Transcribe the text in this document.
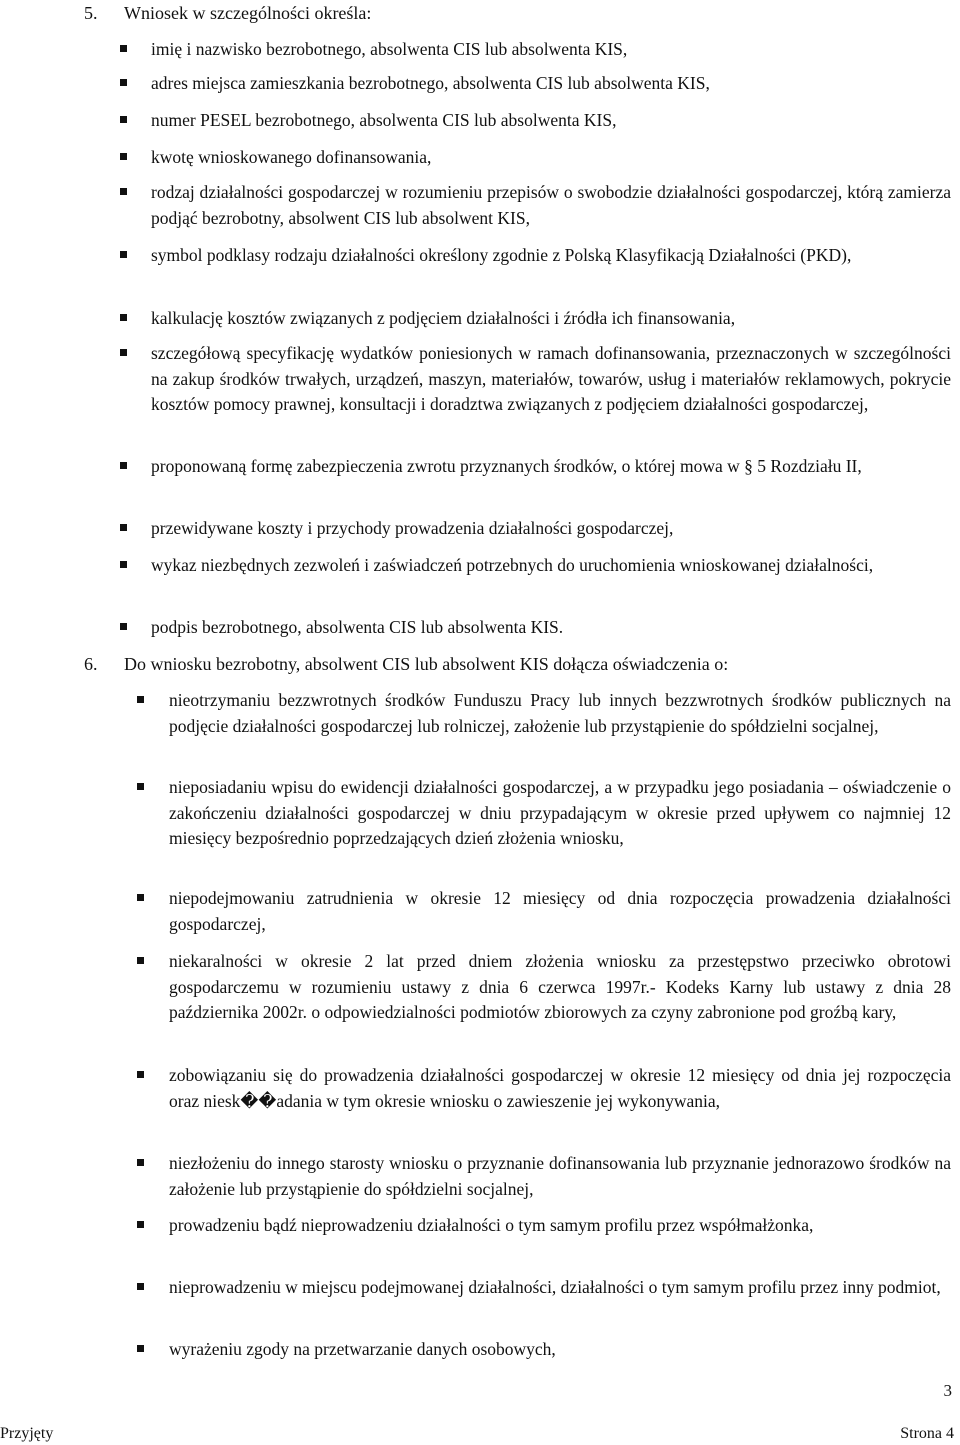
5. Wniosek w szczególności określa:
imię i nazwisko bezrobotnego, absolwenta CIS lub absolwenta KIS,
adres miejsca zamieszkania bezrobotnego, absolwenta CIS lub absolwenta KIS,
numer PESEL bezrobotnego, absolwenta CIS lub absolwenta KIS,
kwotę wnioskowanego dofinansowania,
rodzaj działalności gospodarczej w rozumieniu przepisów o swobodzie działalności gospodarczej, którą zamierza podjąć bezrobotny, absolwent CIS lub absolwent KIS,
symbol podklasy rodzaju działalności określony zgodnie z Polską Klasyfikacją Działalności (PKD),
kalkulację kosztów związanych z podjęciem działalności i źródła ich finansowania,
szczegółową specyfikację wydatków poniesionych w ramach dofinansowania, przeznaczonych w szczególności na zakup środków trwałych, urządzeń, maszyn, materiałów, towarów, usług i materiałów reklamowych, pokrycie kosztów pomocy prawnej, konsultacji i doradztwa związanych z podjęciem działalności gospodarczej,
proponowaną formę zabezpieczenia zwrotu przyznanych środków, o której mowa w § 5 Rozdziału II,
przewidywane koszty i przychody prowadzenia działalności gospodarczej,
wykaz niezbędnych zezwoleń i zaświadczeń potrzebnych do uruchomienia wnioskowanej działalności,
podpis bezrobotnego, absolwenta CIS lub absolwenta KIS.
6. Do wniosku bezrobotny, absolwent CIS lub absolwent KIS dołącza oświadczenia o:
nieotrzymaniu bezzwrotnych środków Funduszu Pracy lub innych bezzwrotnych środków publicznych na podjęcie działalności gospodarczej lub rolniczej, założenie lub przystąpienie do spółdzielni socjalnej,
nieposiadaniu wpisu do ewidencji działalności gospodarczej, a w przypadku jego posiadania – oświadczenie o zakończeniu działalności gospodarczej w dniu przypadającym w okresie przed upływem co najmniej 12 miesięcy bezpośrednio poprzedzających dzień złożenia wniosku,
niepodejmowaniu zatrudnienia w okresie 12 miesięcy od dnia rozpoczęcia prowadzenia działalności gospodarczej,
niekaralności w okresie 2 lat przed dniem złożenia wniosku za przestępstwo przeciwko obrotowi gospodarczemu w rozumieniu ustawy z dnia 6 czerwca 1997r.- Kodeks Karny lub ustawy z dnia 28 października 2002r. o odpowiedzialności podmiotów zbiorowych za czyny zabronione pod groźbą kary,
zobowiązaniu się do prowadzenia działalności gospodarczej w okresie 12 miesięcy od dnia jej rozpoczęcia oraz niesk��adania w tym okresie wniosku o zawieszenie jej wykonywania,
niezłożeniu do innego starosty wniosku o przyznanie dofinansowania lub przyznanie jednorazowo środków na założenie lub przystąpienie do spółdzielni socjalnej,
prowadzeniu bądź nieprowadzeniu działalności o tym samym profilu przez współmałżonka,
nieprowadzeniu w miejscu podejmowanej działalności, działalności o tym samym profilu przez inny podmiot,
wyrażeniu zgody na przetwarzanie danych osobowych,
3
Przyjęty	Strona 4
